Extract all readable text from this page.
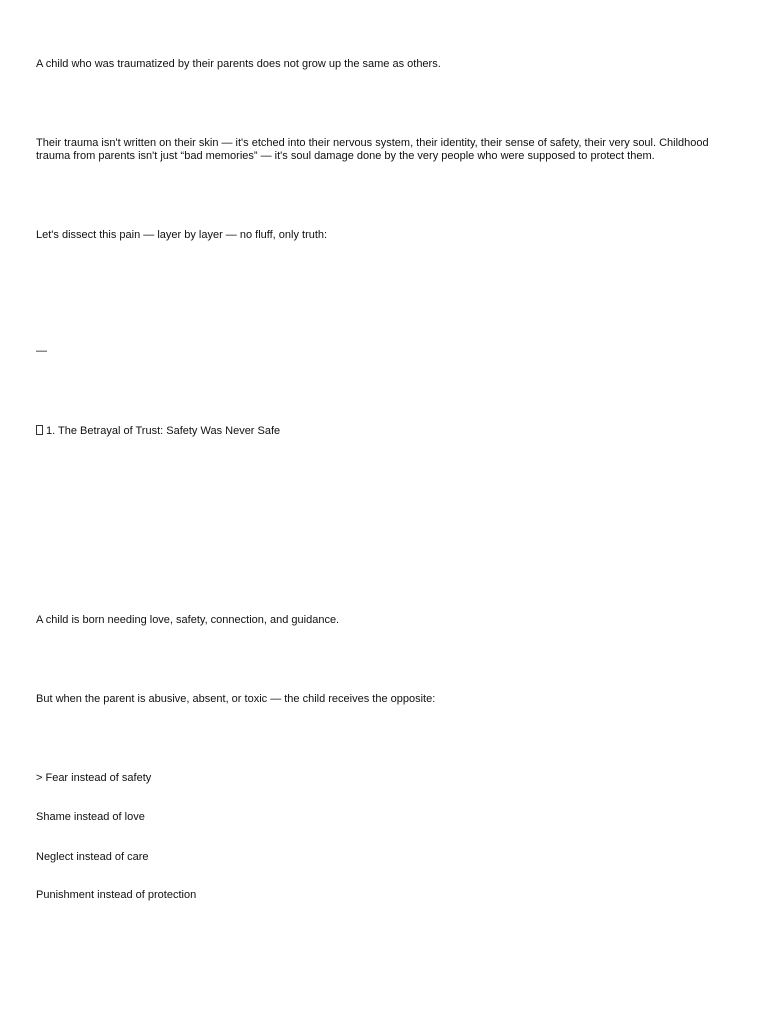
A child who was traumatized by their parents does not grow up the same as others.

Their trauma isn't written on their skin — it's etched into their nervous system, their identity, their sense of safety, their very soul. Childhood trauma from parents isn't just “bad memories” — it's soul damage done by the very people who were supposed to protect them.

Let's dissect this pain — layer by layer — no fluff, only truth:

—

1. The Betrayal of Trust: Safety Was Never Safe

A child is born needing love, safety, connection, and guidance.

But when the parent is abusive, absent, or toxic — the child receives the opposite:

> Fear instead of safety

Shame instead of love

Neglect instead of care

Punishment instead of protection
